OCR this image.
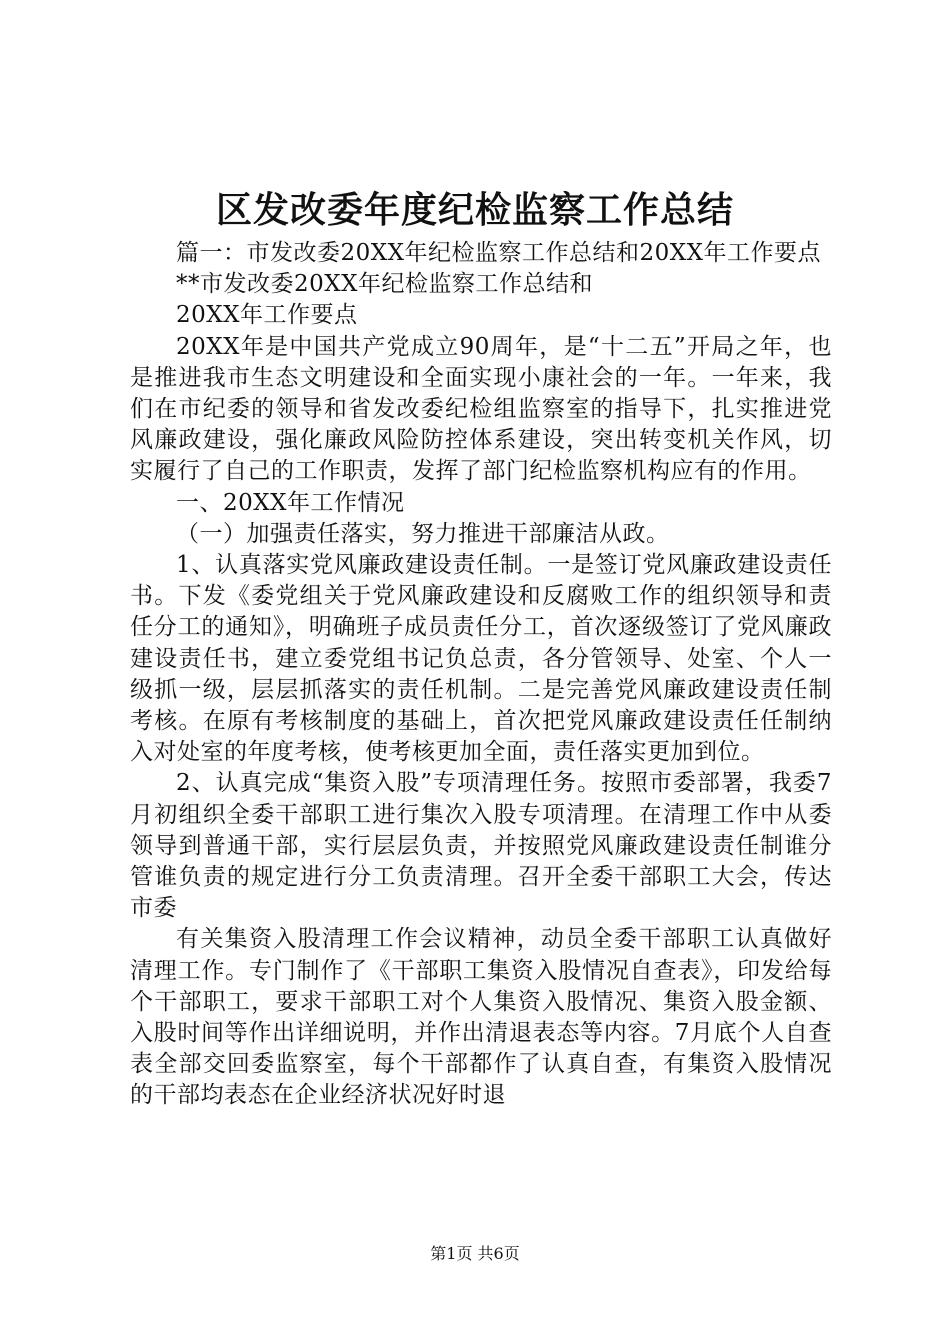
区发改委年度纪检监察工作总结

篇一：市发改委20XX年纪检监察工作总结和20XX年工作要点

**市发改委20XX年纪检监察工作总结和

20XX年工作要点

20XX年是中国共产党成立90周年，是“十二五”开局之年，也是推进我市生态文明建设和全面实现小康社会的一年。一年来，我们在市纪委的领导和省发改委纪检组监察室的指导下，扎实推进党风廉政建设，强化廉政风险防控体系建设，突出转变机关作风，切实履行了自己的工作职责，发挥了部门纪检监察机构应有的作用。

一、20XX年工作情况

（一）加强责任落实，努力推进干部廉洁从政。

1、认真落实党风廉政建设责任制。一是签订党风廉政建设责任书。下发《委党组关于党风廉政建设和反腐败工作的组织领导和责任分工的通知》，明确班子成员责任分工，首次逐级签订了党风廉政建设责任书，建立委党组书记负总责，各分管领导、处室、个人一级抓一级，层层抓落实的责任机制。二是完善党风廉政建设责任制考核。在原有考核制度的基础上，首次把党风廉政建设责任任制纳入对处室的年度考核，使考核更加全面，责任落实更加到位。

2、认真完成“集资入股”专项清理任务。按照市委部署，我委7月初组织全委干部职工进行集次入股专项清理。在清理工作中从委领导到普通干部，实行层层负责，并按照党风廉政建设责任制谁分管谁负责的规定进行分工负责清理。召开全委干部职工大会，传达市委

有关集资入股清理工作会议精神，动员全委干部职工认真做好清理工作。专门制作了《干部职工集资入股情况自查表》，印发给每个干部职工，要求干部职工对个人集资入股情况、集资入股金额、入股时间等作出详细说明，并作出清退表态等内容。7月底个人自查表全部交回委监察室，每个干部都作了认真自查，有集资入股情况的干部均表态在企业经济状况好时退

第1页 共6页
